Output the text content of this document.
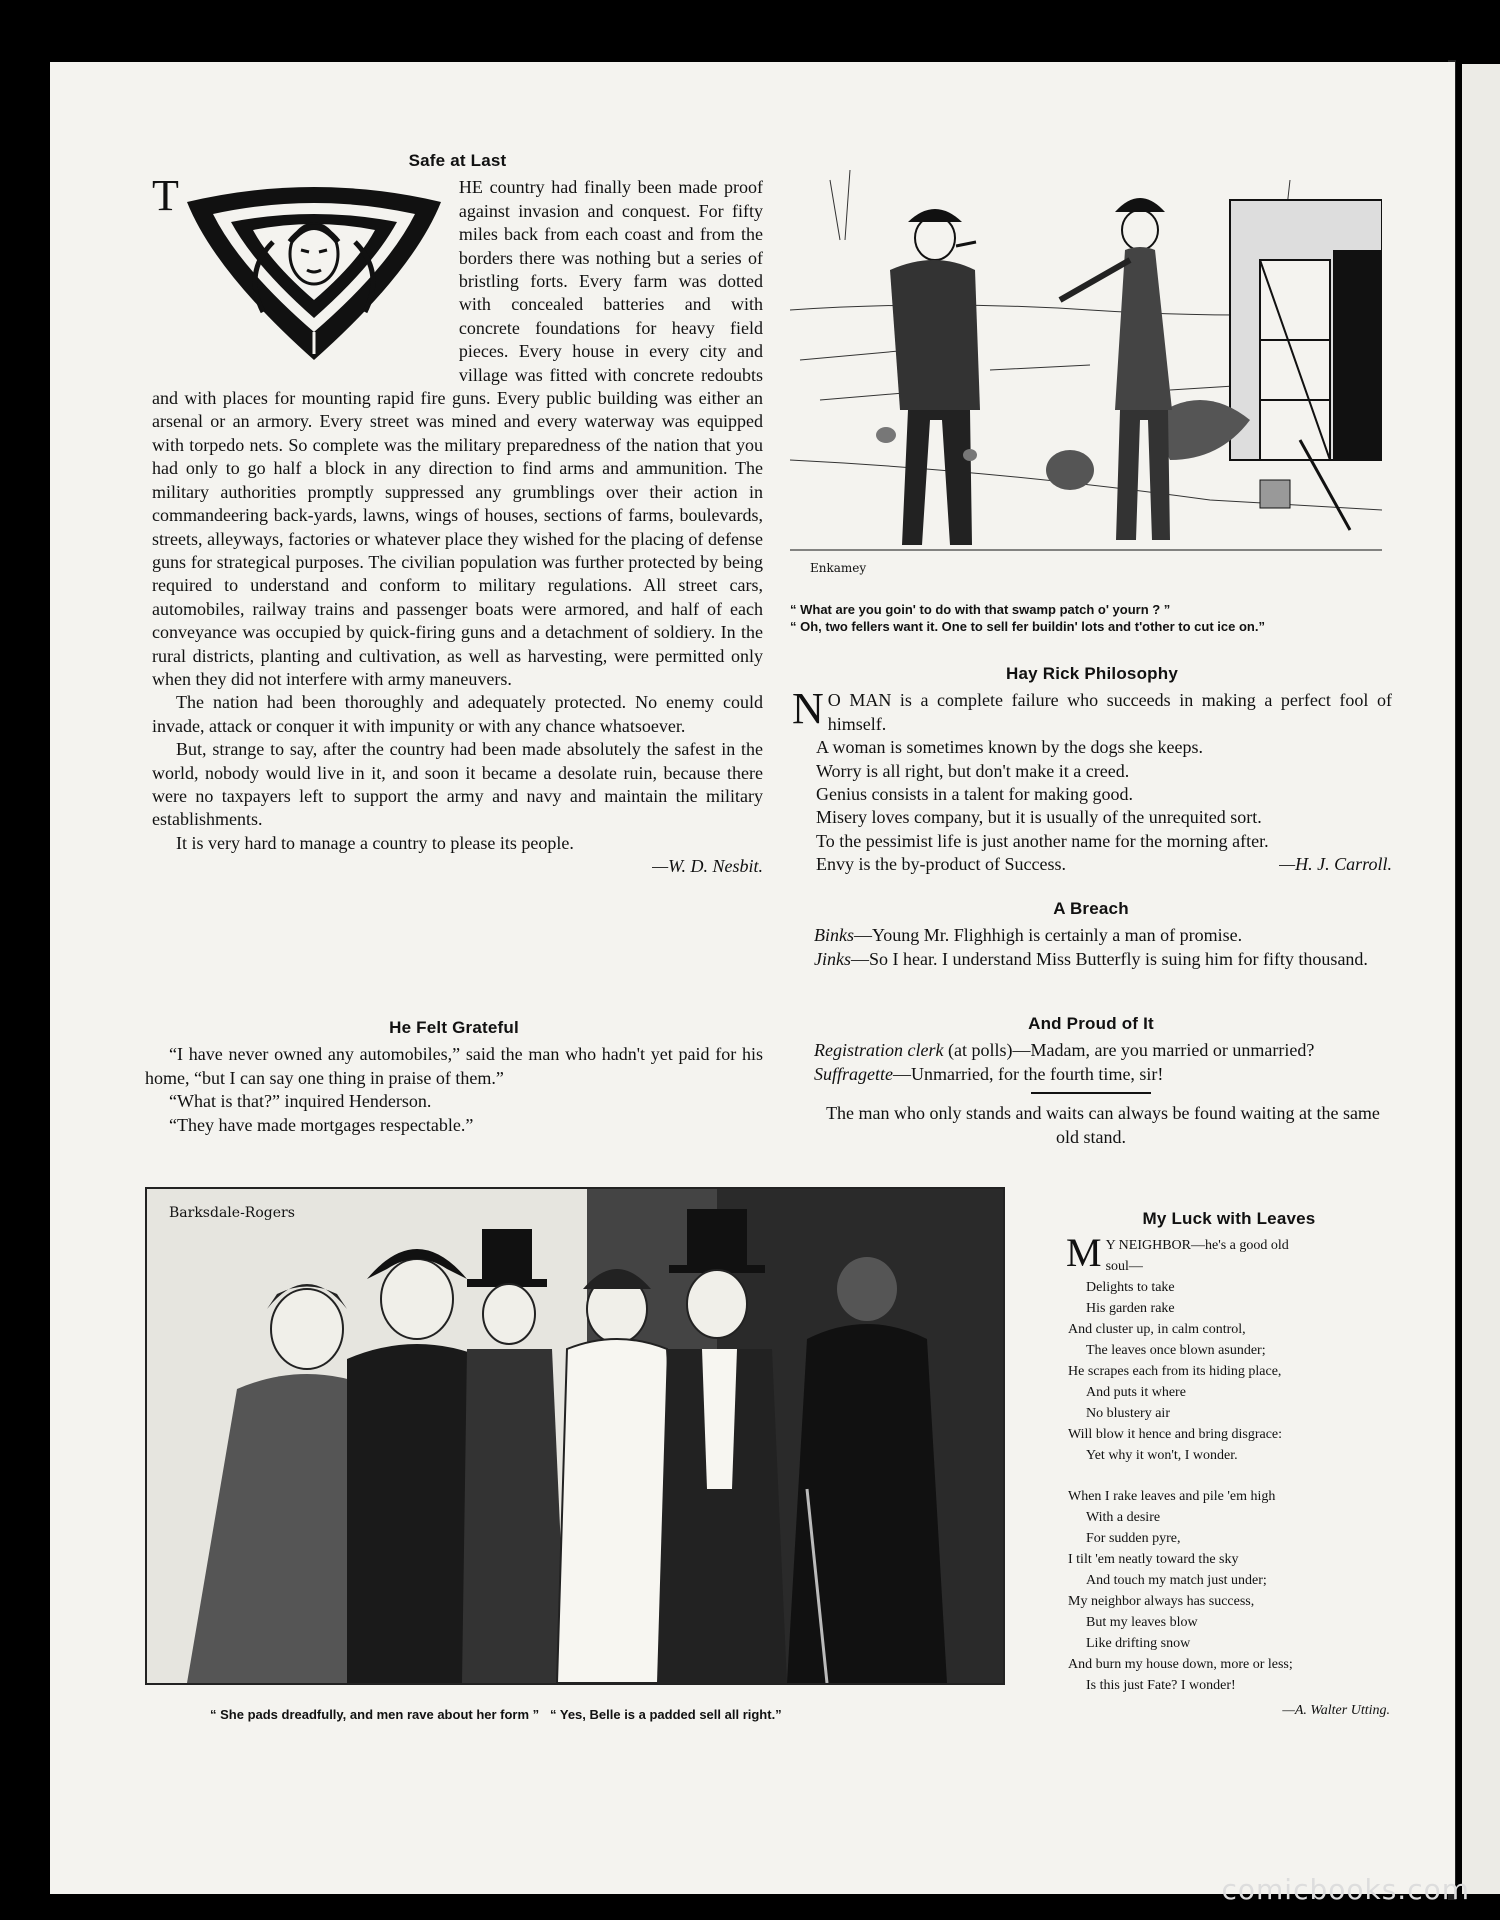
Safe at Last

T	HE country had finally been made proof against invasion and conquest. For fifty miles back from each coast and from the borders there was nothing but a series of bristling forts. Every farm was dotted with concealed batteries and with concrete foundations for heavy field pieces. Every house in every city and village was fitted with concrete redoubts and with places for mounting rapid fire guns. Every public building was either an arsenal or an armory. Every street was mined and every waterway was equipped with torpedo nets. So complete was the military preparedness of the nation that you had only to go half a block in any direction to find arms and ammunition. The military authorities promptly suppressed any grumblings over their action in commandeering back-yards, lawns, wings of houses, sections of farms, boulevards, streets, alleyways, factories or whatever place they wished for the placing of defense guns for strategical purposes. The civilian population was further protected by being required to understand and conform to military regulations. All street cars, automobiles, railway trains and passenger boats were armored, and half of each conveyance was occupied by quick-firing guns and a detachment of soldiery. In the rural districts, planting and cultivation, as well as harvesting, were permitted only when they did not interfere with army maneuvers.

The nation had been thoroughly and adequately protected. No enemy could invade, attack or conquer it with impunity or with any chance whatsoever.

But, strange to say, after the country had been made absolutely the safest in the world, nobody would live in it, and soon it became a desolate ruin, because there were no taxpayers left to support the army and navy and maintain the military establishments.

It is very hard to manage a country to please its people.

—W. D. Nesbit.

He Felt Grateful

“I have never owned any automobiles,” said the man who hadn't yet paid for his home, “but I can say one thing in praise of them.”

“What is that?” inquired Henderson.

“They have made mortgages respectable.”

Enkamey
“ What are you goin' to do with that swamp patch o' yourn ? ”
“ Oh, two fellers want it. One to sell fer buildin' lots and t'other to cut ice on.”
Hay Rick Philosophy

N O MAN is a complete failure who succeeds in making a perfect fool of himself.

A woman is sometimes known by the dogs she keeps.

Worry is all right, but don't make it a creed.

Genius consists in a talent for making good.

Misery loves company, but it is usually of the unrequited sort.

To the pessimist life is just another name for the morning after.

Envy is the by-product of Success.	—H. J. Carroll.

A Breach

Binks—Young Mr. Flighhigh is certainly a man of promise.

Jinks—So I hear. I understand Miss Butterfly is suing him for fifty thousand.

And Proud of It

Registration clerk (at polls)—Madam, are you married or unmarried?

Suffragette—Unmarried, for the fourth time, sir!

The man who only stands and waits can always be found waiting at the same old stand.

Barksdale-Rogers
“ She pads dreadfully, and men rave about her form ”   “ Yes, Belle is a padded sell all right.”
My Luck with Leaves

M Y NEIGHBOR—he's a good old

soul—

Delights to take

His garden rake

And cluster up, in calm control,

The leaves once blown asunder;

He scrapes each from its hiding place,

And puts it where

No blustery air

Will blow it hence and bring disgrace:

Yet why it won't, I wonder.

When I rake leaves and pile 'em high

With a desire

For sudden pyre,

I tilt 'em neatly toward the sky

And touch my match just under;

My neighbor always has success,

But my leaves blow

Like drifting snow

And burn my house down, more or less;

Is this just Fate? I wonder!

—A. Walter Utting.

comicbooks.com
